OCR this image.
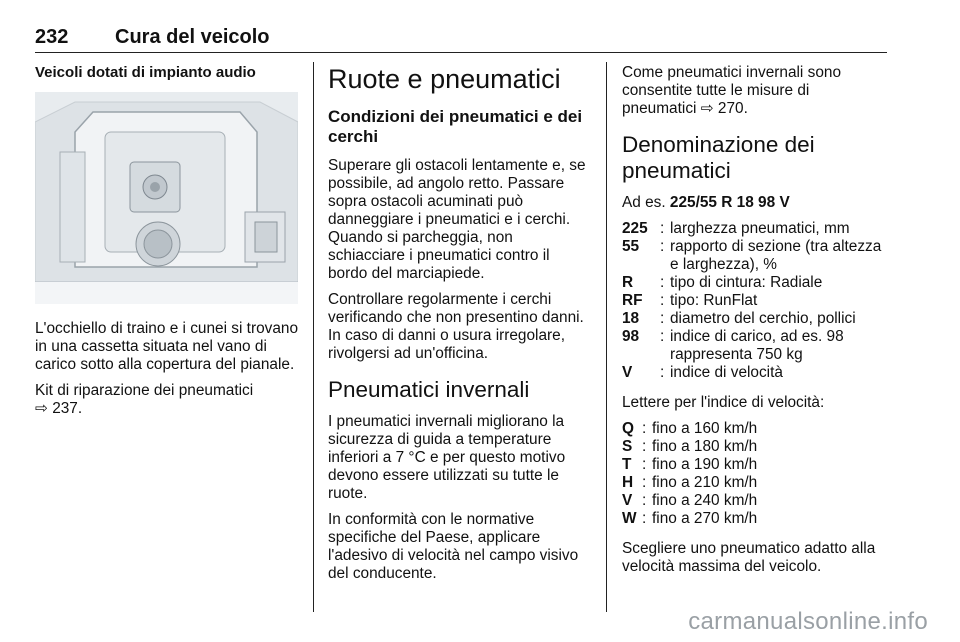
232 Cura del veicolo
Veicoli dotati di impianto audio

L'occhiello di traino e i cunei si trovano in una cassetta situata nel vano di carico sotto alla copertura del pianale.

Kit di riparazione dei pneumatici
⇨ 237.

Ruote e pneumatici
Condizioni dei pneumatici e dei cerchi

Superare gli ostacoli lentamente e, se possibile, ad angolo retto. Passare sopra ostacoli acuminati può danneggiare i pneumatici e i cerchi. Quando si parcheggia, non schiacciare i pneumatici contro il bordo del marciapiede.

Controllare regolarmente i cerchi verificando che non presentino danni. In caso di danni o usura irregolare, rivolgersi ad un'officina.

Pneumatici invernali

I pneumatici invernali migliorano la sicurezza di guida a temperature inferiori a 7 °C e per questo motivo devono essere utilizzati su tutte le ruote.

In conformità con le normative specifiche del Paese, applicare l'adesivo di velocità nel campo visivo del conducente.

Come pneumatici invernali sono consentite tutte le misure di pneumatici ⇨ 270.

Denominazione dei pneumatici

Ad es. 225/55 R 18 98 V

225 : larghezza pneumatici, mm
55	: rapporto di sezione (tra altezza e larghezza), %
R	: tipo di cintura: Radiale
RF	: tipo: RunFlat
18	: diametro del cerchio, pollici
98	: indice di carico, ad es. 98 rappresenta 750 kg
V	: indice di velocità

Lettere per l'indice di velocità:

Q : fino a 160 km/h
S : fino a 180 km/h
T : fino a 190 km/h
H : fino a 210 km/h
V : fino a 240 km/h
W : fino a 270 km/h

Scegliere uno pneumatico adatto alla velocità massima del veicolo.

carmanualsonline.info
